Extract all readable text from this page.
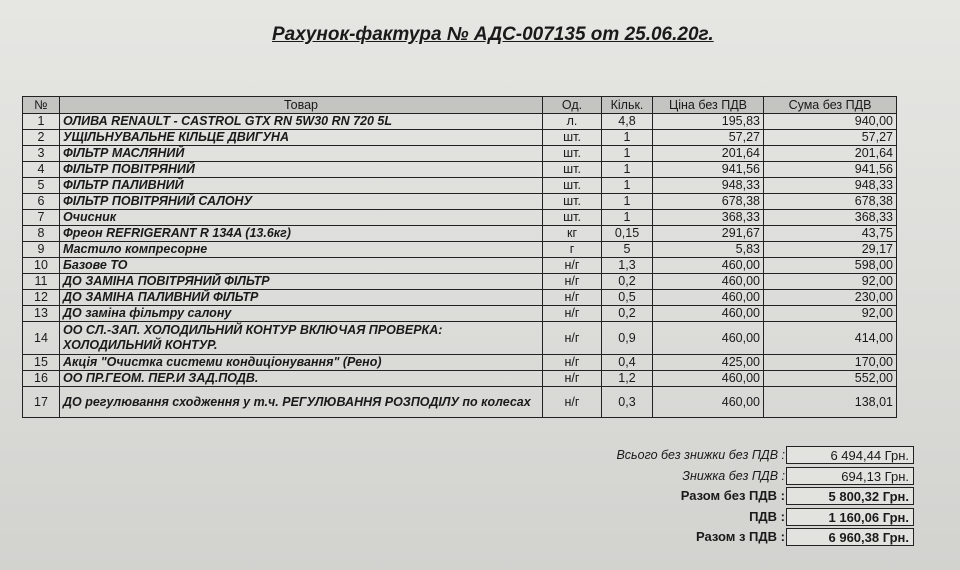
Рахунок-фактура № АДС-007135 от 25.06.20г.
№	Товар	Од.	Кільк.	Ціна без ПДВ	Сума без ПДВ
1	ОЛИВА RENAULT - CASTROL GTX RN 5W30 RN 720 5L	л.	4,8	195,83	940,00
2	УЩІЛЬНУВАЛЬНЕ КІЛЬЦЕ ДВИГУНА	шт.	1	57,27	57,27
3	ФІЛЬТР МАСЛЯНИЙ	шт.	1	201,64	201,64
4	ФІЛЬТР ПОВІТРЯНИЙ	шт.	1	941,56	941,56
5	ФІЛЬТР ПАЛИВНИЙ	шт.	1	948,33	948,33
6	ФІЛЬТР ПОВІТРЯНИЙ САЛОНУ	шт.	1	678,38	678,38
7	Очисник	шт.	1	368,33	368,33
8	Фреон REFRIGERANT R 134A (13.6кг)	кг	0,15	291,67	43,75
9	Мастило компресорне	г	5	5,83	29,17
10	Базове ТО	н/г	1,3	460,00	598,00
11	ДО ЗАМІНА ПОВІТРЯНИЙ ФІЛЬТР	н/г	0,2	460,00	92,00
12	ДО ЗАМІНА ПАЛИВНИЙ ФІЛЬТР	н/г	0,5	460,00	230,00
13	ДО заміна фільтру салону	н/г	0,2	460,00	92,00
14	ОО СЛ.-ЗАП. ХОЛОДИЛЬНИЙ КОНТУР ВКЛЮЧАЯ ПРОВЕРКА: ХОЛОДИЛЬНИЙ КОНТУР.	н/г	0,9	460,00	414,00
15	Акція "Очистка системи кондиціонування" (Рено)	н/г	0,4	425,00	170,00
16	ОО ПР.ГЕОМ. ПЕР.И ЗАД.ПОДВ.	н/г	1,2	460,00	552,00
17	ДО регулювання сходження у т.ч. РЕГУЛЮВАННЯ РОЗПОДІЛУ по колесах	н/г	0,3	460,00	138,01
Всього без знижки без ПДВ :	6 494,44 Грн.
Знижка без ПДВ :	694,13 Грн.
Разом без ПДВ :	5 800,32 Грн.
ПДВ :	1 160,06 Грн.
Разом з ПДВ :	6 960,38 Грн.
